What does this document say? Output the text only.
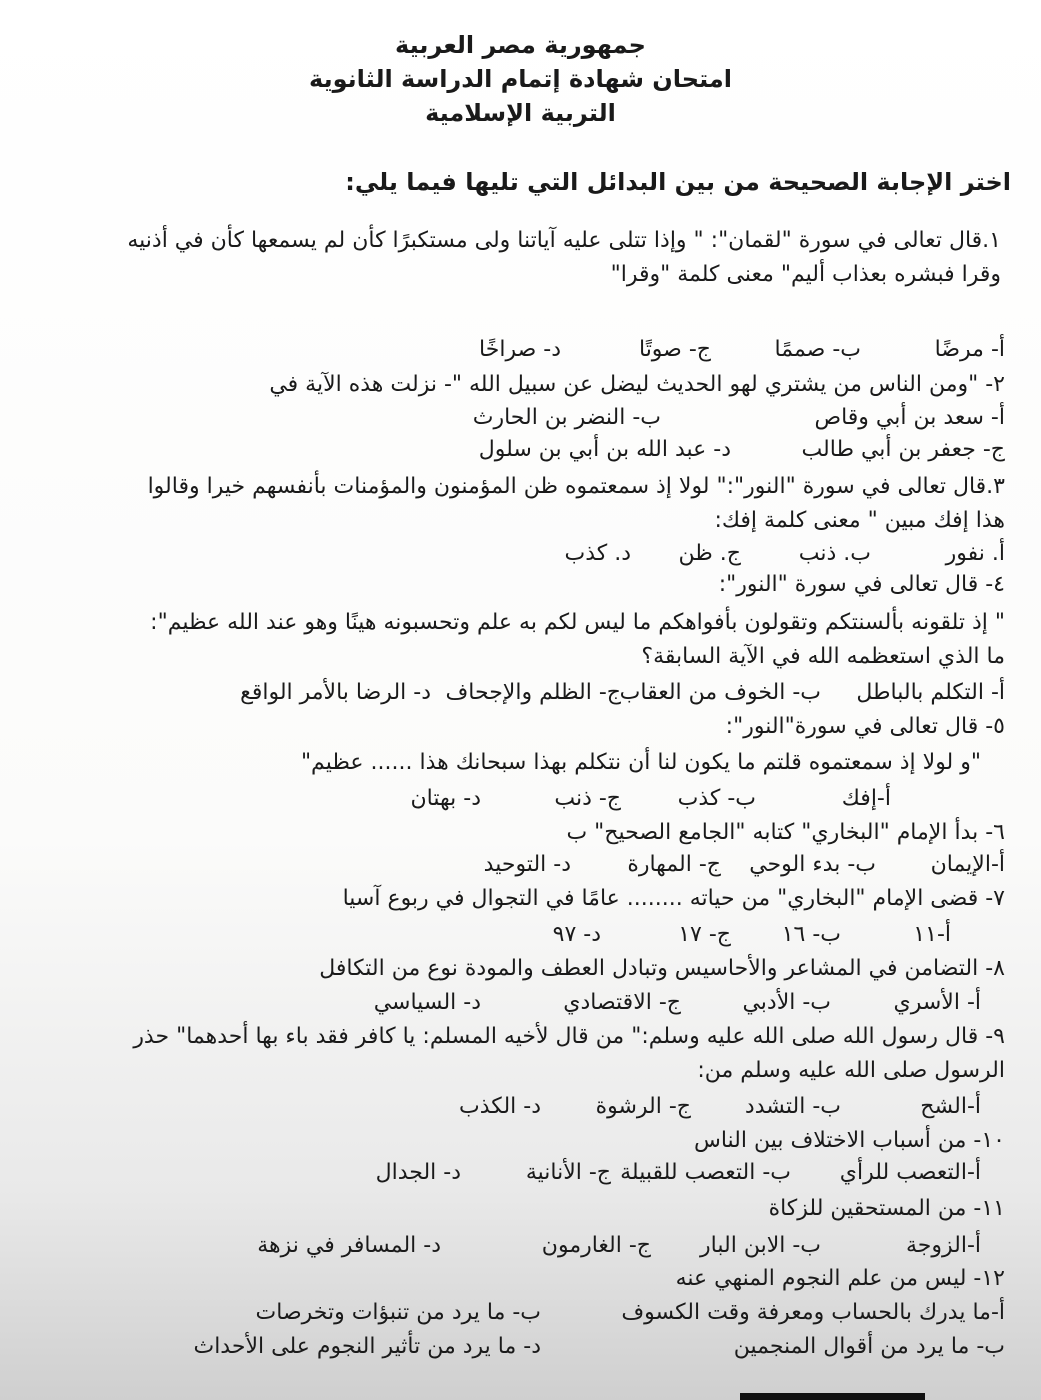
جمهورية مصر العربية
امتحان شهادة إتمام الدراسة الثانوية
التربية الإسلامية
اختر الإجابة الصحيحة من بين البدائل التي تليها فيما يلي:
١.قال تعالى في سورة "لقمان": " وإذا تتلى عليه آياتنا ولى مستكبرًا كأن لم يسمعها كأن في أذنيه
وقرا فبشره بعذاب أليم" معنى كلمة "وقرا"
أ- مرضًا
ب- صممًا
ج- صوتًا
د- صراخًا
٢- "ومن الناس من يشتري لهو الحديث ليضل عن سبيل الله "- نزلت هذه الآية في
أ- سعد بن أبي وقاص
ب- النضر بن الحارث
ج- جعفر بن أبي طالب
د- عبد الله بن أبي بن سلول
٣.قال تعالى في سورة "النور":" لولا إذ سمعتموه ظن المؤمنون والمؤمنات بأنفسهم خيرا وقالوا
هذا إفك مبين " معنى كلمة إفك:
أ. نفور
ب. ذنب
ج. ظن
د. كذب
٤- قال تعالى في سورة "النور":
" إذ تلقونه بألسنتكم وتقولون بأفواهكم ما ليس لكم به علم وتحسبونه هينًا وهو عند الله عظيم":
ما الذي استعظمه الله في الآية السابقة؟
أ- التكلم بالباطل
ب- الخوف من العقاب
ج- الظلم والإجحاف
د- الرضا بالأمر الواقع
٥- قال تعالى في سورة"النور":
"و لولا إذ سمعتموه قلتم ما يكون لنا أن نتكلم بهذا سبحانك هذا ...... عظيم"
أ-إفك
ب- كذب
ج- ذنب
د- بهتان
٦- بدأ الإمام "البخاري" كتابه "الجامع الصحيح" ب
أ-الإيمان
ب- بدء الوحي
ج- المهارة
د- التوحيد
٧- قضى الإمام "البخاري" من حياته ........ عامًا في التجوال في ربوع آسيا
أ-١١
ب- ١٦
ج- ١٧
د- ٩٧
٨- التضامن في المشاعر والأحاسيس وتبادل العطف والمودة نوع من التكافل
أ- الأسري
ب- الأدبي
ج- الاقتصادي
د- السياسي
٩- قال رسول الله صلى الله عليه وسلم:" من قال لأخيه المسلم: يا كافر فقد باء بها أحدهما" حذر
الرسول صلى الله عليه وسلم من:
أ-الشح
ب- التشدد
ج- الرشوة
د- الكذب
١٠- من أسباب الاختلاف بين الناس
أ-التعصب للرأي
ب- التعصب للقبيلة
ج- الأنانية
د- الجدال
١١- من المستحقين للزكاة
أ-الزوجة
ب- الابن البار
ج- الغارمون
د- المسافر في نزهة
١٢- ليس من علم النجوم المنهي عنه
أ-ما يدرك بالحساب ومعرفة وقت الكسوف
ب- ما يرد من تنبؤات وتخرصات
ب- ما يرد من أقوال المنجمين
د- ما يرد من تأثير النجوم على الأحداث
